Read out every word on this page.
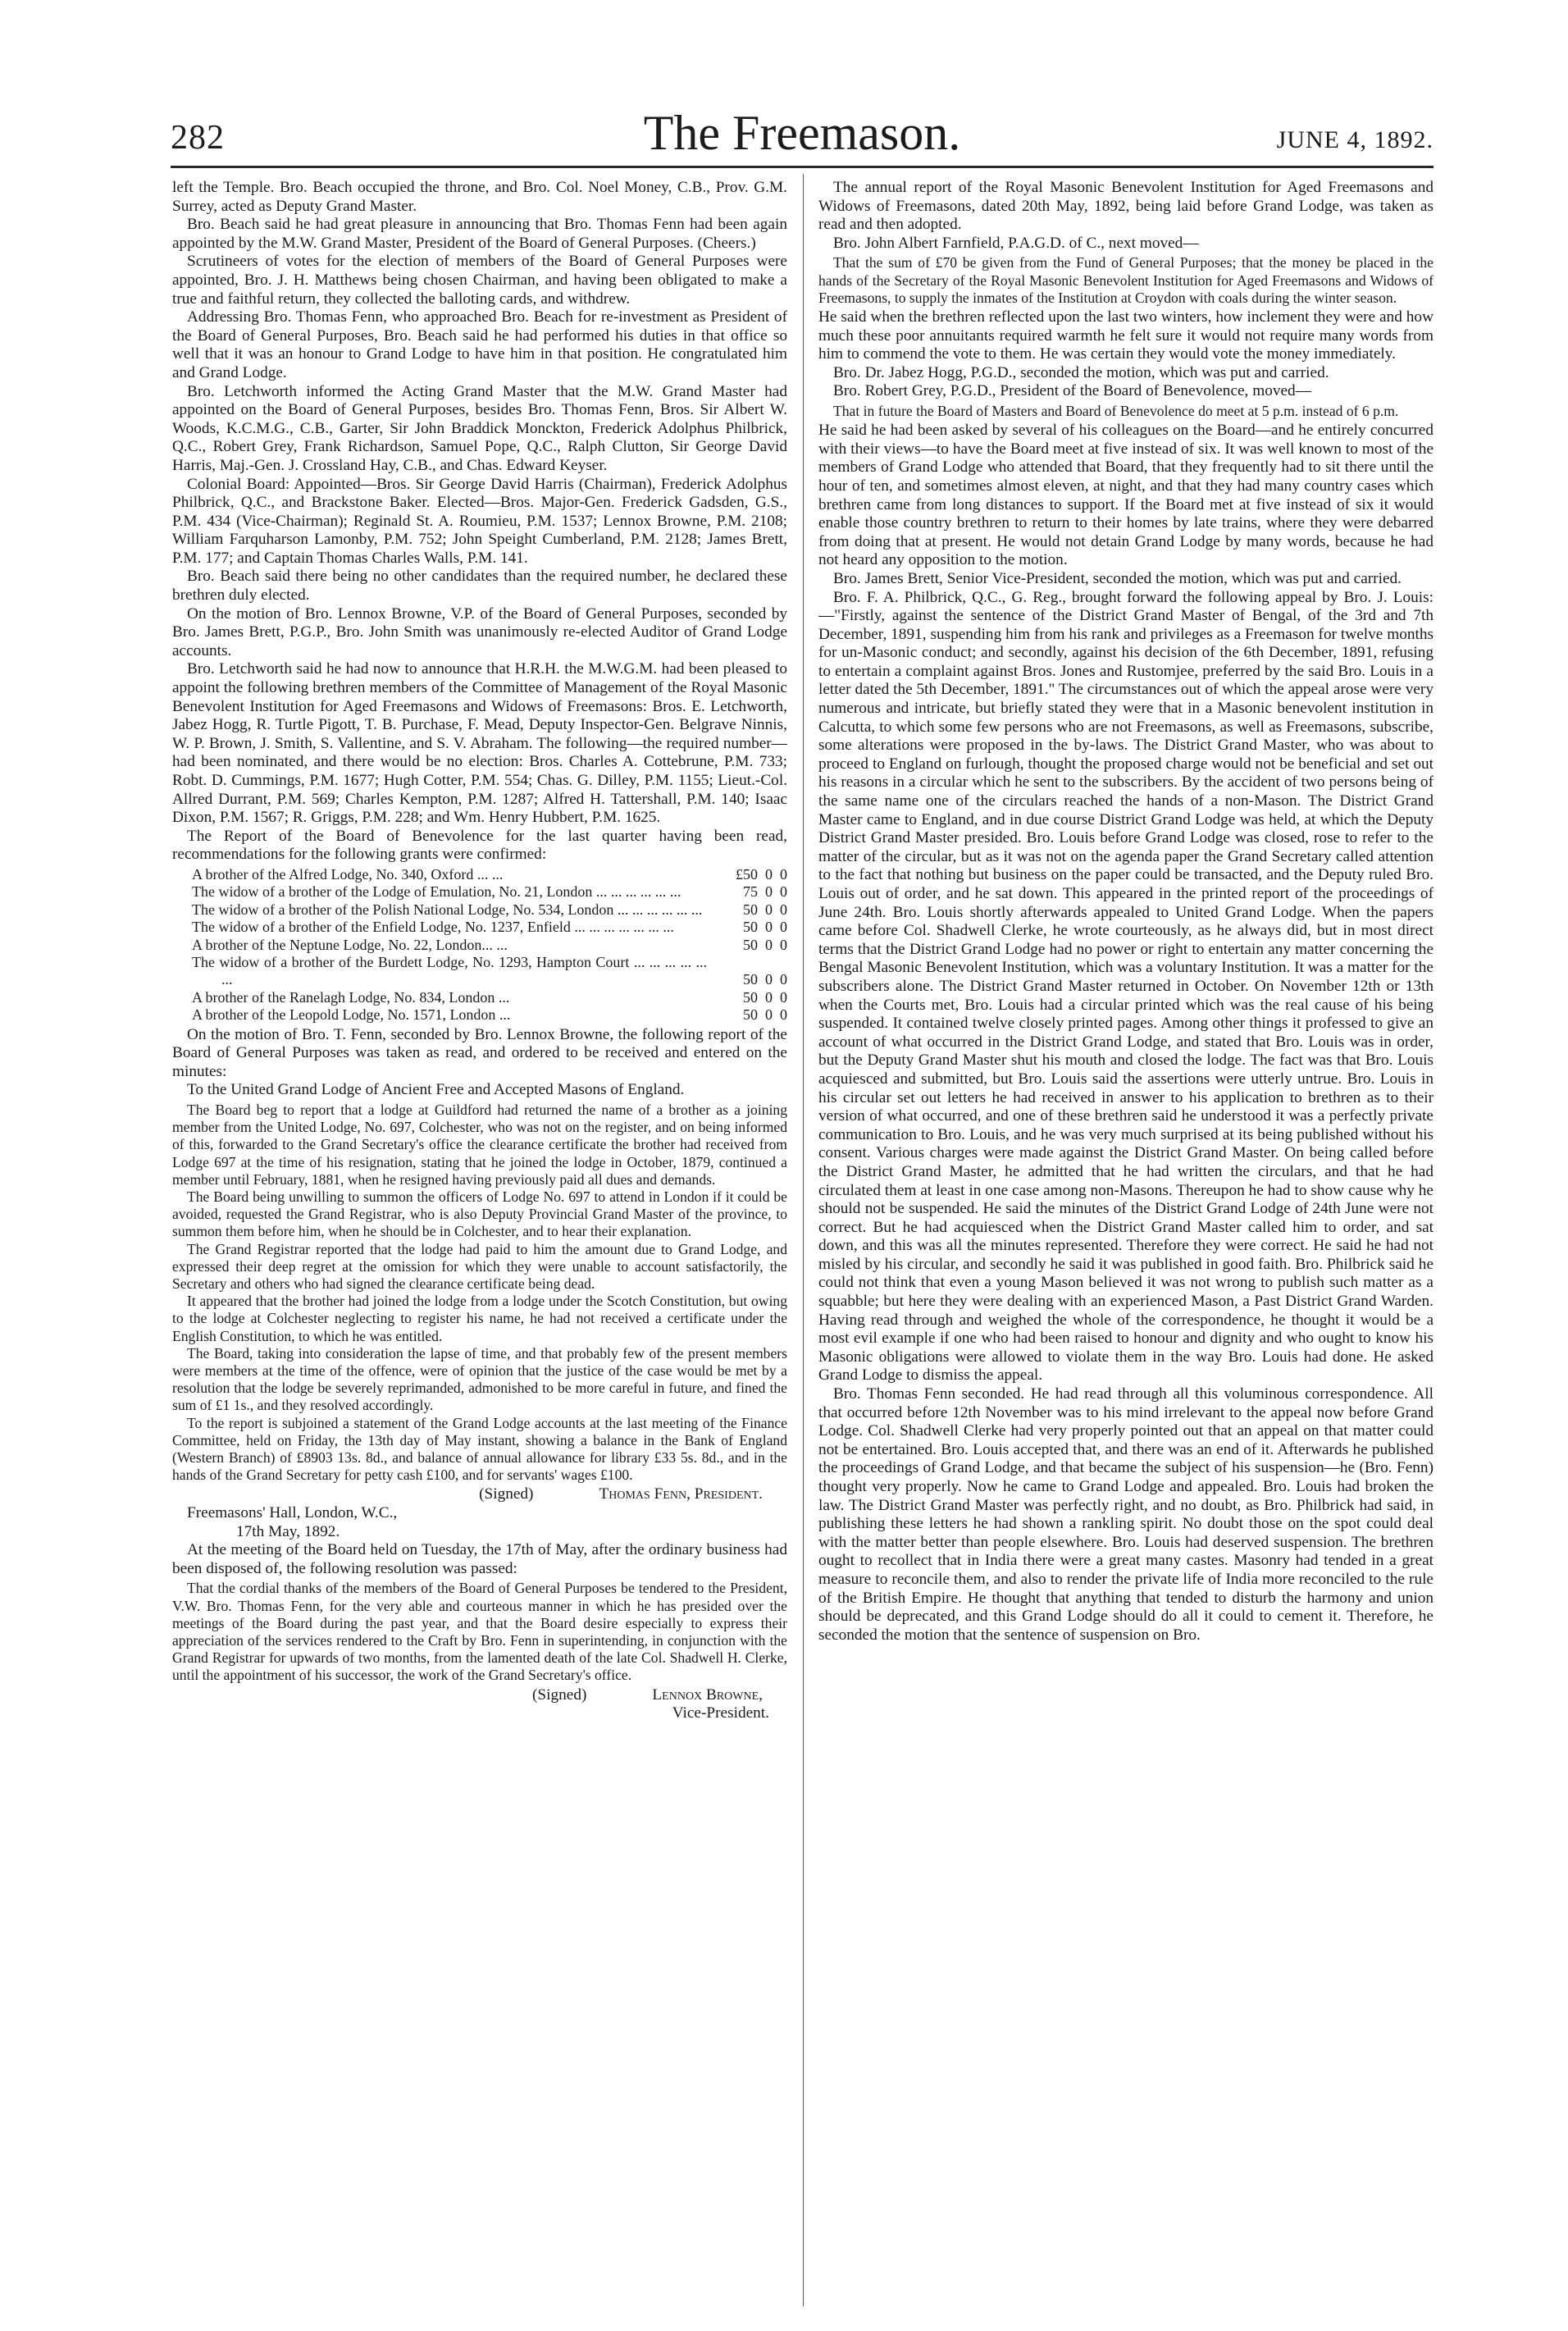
282	The Freemason.	JUNE 4, 1892.

left the Temple. Bro. Beach occupied the throne, and Bro. Col. Noel Money, C.B., Prov. G.M. Surrey, acted as Deputy Grand Master.

Bro. Beach said he had great pleasure in announcing that Bro. Thomas Fenn had been again appointed by the M.W. Grand Master, President of the Board of General Purposes. (Cheers.)

Scrutineers of votes for the election of members of the Board of General Purposes were appointed, Bro. J. H. Matthews being chosen Chairman, and having been obligated to make a true and faithful return, they collected the balloting cards, and withdrew.

Addressing Bro. Thomas Fenn, who approached Bro. Beach for re-investment as President of the Board of General Purposes, Bro. Beach said he had performed his duties in that office so well that it was an honour to Grand Lodge to have him in that position. He congratulated him and Grand Lodge.

Bro. Letchworth informed the Acting Grand Master that the M.W. Grand Master had appointed on the Board of General Purposes, besides Bro. Thomas Fenn, Bros. Sir Albert W. Woods, K.C.M.G., C.B., Garter, Sir John Braddick Monckton, Frederick Adolphus Philbrick, Q.C., Robert Grey, Frank Richardson, Samuel Pope, Q.C., Ralph Clutton, Sir George David Harris, Maj.-Gen. J. Crossland Hay, C.B., and Chas. Edward Keyser.

Colonial Board: Appointed—Bros. Sir George David Harris (Chairman), Frederick Adolphus Philbrick, Q.C., and Brackstone Baker. Elected—Bros. Major-Gen. Frederick Gadsden, G.S., P.M. 434 (Vice-Chairman); Reginald St. A. Roumieu, P.M. 1537; Lennox Browne, P.M. 2108; William Farquharson Lamonby, P.M. 752; John Speight Cumberland, P.M. 2128; James Brett, P.M. 177; and Captain Thomas Charles Walls, P.M. 141.

Bro. Beach said there being no other candidates than the required number, he declared these brethren duly elected.

On the motion of Bro. Lennox Browne, V.P. of the Board of General Purposes, seconded by Bro. James Brett, P.G.P., Bro. John Smith was unanimously re-elected Auditor of Grand Lodge accounts.

Bro. Letchworth said he had now to announce that H.R.H. the M.W.G.M. had been pleased to appoint the following brethren members of the Committee of Management of the Royal Masonic Benevolent Institution for Aged Freemasons and Widows of Freemasons: Bros. E. Letchworth, Jabez Hogg, R. Turtle Pigott, T. B. Purchase, F. Mead, Deputy Inspector-Gen. Belgrave Ninnis, W. P. Brown, J. Smith, S. Vallentine, and S. V. Abraham. The following—the required number—had been nominated, and there would be no election: Bros. Charles A. Cottebrune, P.M. 733; Robt. D. Cummings, P.M. 1677; Hugh Cotter, P.M. 554; Chas. G. Dilley, P.M. 1155; Lieut.-Col. Allred Durrant, P.M. 569; Charles Kempton, P.M. 1287; Alfred H. Tattershall, P.M. 140; Isaac Dixon, P.M. 1567; R. Griggs, P.M. 228; and Wm. Henry Hubbert, P.M. 1625.

The Report of the Board of Benevolence for the last quarter having been read, recommendations for the following grants were confirmed:

A brother of the Alfred Lodge, No. 340, Oxford ... ...	£50  0  0
The widow of a brother of the Lodge of Emulation, No. 21, London ... ... ... ... ... ...	75  0  0
The widow of a brother of the Polish National Lodge, No. 534, London ... ... ... ... ... ...	50  0  0
The widow of a brother of the Enfield Lodge, No. 1237, Enfield ... ... ... ... ... ... ...	50  0  0
A brother of the Neptune Lodge, No. 22, London... ...	50  0  0
The widow of a brother of the Burdett Lodge, No. 1293, Hampton Court ... ... ... ... ... ...	50  0  0
A brother of the Ranelagh Lodge, No. 834, London ...	50  0  0
A brother of the Leopold Lodge, No. 1571, London ...	50  0  0

On the motion of Bro. T. Fenn, seconded by Bro. Lennox Browne, the following report of the Board of General Purposes was taken as read, and ordered to be received and entered on the minutes:

To the United Grand Lodge of Ancient Free and Accepted Masons of England.

The Board beg to report that a lodge at Guildford had returned the name of a brother as a joining member from the United Lodge, No. 697, Colchester, who was not on the register, and on being informed of this, forwarded to the Grand Secretary's office the clearance certificate the brother had received from Lodge 697 at the time of his resignation, stating that he joined the lodge in October, 1879, continued a member until February, 1881, when he resigned having previously paid all dues and demands.

The Board being unwilling to summon the officers of Lodge No. 697 to attend in London if it could be avoided, requested the Grand Registrar, who is also Deputy Provincial Grand Master of the province, to summon them before him, when he should be in Colchester, and to hear their explanation.

The Grand Registrar reported that the lodge had paid to him the amount due to Grand Lodge, and expressed their deep regret at the omission for which they were unable to account satisfactorily, the Secretary and others who had signed the clearance certificate being dead.

It appeared that the brother had joined the lodge from a lodge under the Scotch Constitution, but owing to the lodge at Colchester neglecting to register his name, he had not received a certificate under the English Constitution, to which he was entitled.

The Board, taking into consideration the lapse of time, and that probably few of the present members were members at the time of the offence, were of opinion that the justice of the case would be met by a resolution that the lodge be severely reprimanded, admonished to be more careful in future, and fined the sum of £1 1s., and they resolved accordingly.

To the report is subjoined a statement of the Grand Lodge accounts at the last meeting of the Finance Committee, held on Friday, the 13th day of May instant, showing a balance in the Bank of England (Western Branch) of £8903 13s. 8d., and balance of annual allowance for library £33 5s. 8d., and in the hands of the Grand Secretary for petty cash £100, and for servants' wages £100.

(Signed)	Thomas Fenn, President.

Freemasons' Hall, London, W.C.,

17th May, 1892.

At the meeting of the Board held on Tuesday, the 17th of May, after the ordinary business had been disposed of, the following resolution was passed:

That the cordial thanks of the members of the Board of General Purposes be tendered to the President, V.W. Bro. Thomas Fenn, for the very able and courteous manner in which he has presided over the meetings of the Board during the past year, and that the Board desire especially to express their appreciation of the services rendered to the Craft by Bro. Fenn in superintending, in conjunction with the Grand Registrar for upwards of two months, from the lamented death of the late Col. Shadwell H. Clerke, until the appointment of his successor, the work of the Grand Secretary's office.

(Signed)	Lennox Browne,
Vice-President.

The annual report of the Royal Masonic Benevolent Institution for Aged Freemasons and Widows of Freemasons, dated 20th May, 1892, being laid before Grand Lodge, was taken as read and then adopted.

Bro. John Albert Farnfield, P.A.G.D. of C., next moved—

That the sum of £70 be given from the Fund of General Purposes; that the money be placed in the hands of the Secretary of the Royal Masonic Benevolent Institution for Aged Freemasons and Widows of Freemasons, to supply the inmates of the Institution at Croydon with coals during the winter season.

He said when the brethren reflected upon the last two winters, how inclement they were and how much these poor annuitants required warmth he felt sure it would not require many words from him to commend the vote to them. He was certain they would vote the money immediately.

Bro. Dr. Jabez Hogg, P.G.D., seconded the motion, which was put and carried.

Bro. Robert Grey, P.G.D., President of the Board of Benevolence, moved—

That in future the Board of Masters and Board of Benevolence do meet at 5 p.m. instead of 6 p.m.

He said he had been asked by several of his colleagues on the Board—and he entirely concurred with their views—to have the Board meet at five instead of six. It was well known to most of the members of Grand Lodge who attended that Board, that they frequently had to sit there until the hour of ten, and sometimes almost eleven, at night, and that they had many country cases which brethren came from long distances to support. If the Board met at five instead of six it would enable those country brethren to return to their homes by late trains, where they were debarred from doing that at present. He would not detain Grand Lodge by many words, because he had not heard any opposition to the motion.

Bro. James Brett, Senior Vice-President, seconded the motion, which was put and carried.

Bro. F. A. Philbrick, Q.C., G. Reg., brought forward the following appeal by Bro. J. Louis:—"Firstly, against the sentence of the District Grand Master of Bengal, of the 3rd and 7th December, 1891, suspending him from his rank and privileges as a Freemason for twelve months for un-Masonic conduct; and secondly, against his decision of the 6th December, 1891, refusing to entertain a complaint against Bros. Jones and Rustomjee, preferred by the said Bro. Louis in a letter dated the 5th December, 1891." The circumstances out of which the appeal arose were very numerous and intricate, but briefly stated they were that in a Masonic benevolent institution in Calcutta, to which some few persons who are not Freemasons, as well as Freemasons, subscribe, some alterations were proposed in the by-laws. The District Grand Master, who was about to proceed to England on furlough, thought the proposed charge would not be beneficial and set out his reasons in a circular which he sent to the subscribers. By the accident of two persons being of the same name one of the circulars reached the hands of a non-Mason. The District Grand Master came to England, and in due course District Grand Lodge was held, at which the Deputy District Grand Master presided. Bro. Louis before Grand Lodge was closed, rose to refer to the matter of the circular, but as it was not on the agenda paper the Grand Secretary called attention to the fact that nothing but business on the paper could be transacted, and the Deputy ruled Bro. Louis out of order, and he sat down. This appeared in the printed report of the proceedings of June 24th. Bro. Louis shortly afterwards appealed to United Grand Lodge. When the papers came before Col. Shadwell Clerke, he wrote courteously, as he always did, but in most direct terms that the District Grand Lodge had no power or right to entertain any matter concerning the Bengal Masonic Benevolent Institution, which was a voluntary Institution. It was a matter for the subscribers alone. The District Grand Master returned in October. On November 12th or 13th when the Courts met, Bro. Louis had a circular printed which was the real cause of his being suspended. It contained twelve closely printed pages. Among other things it professed to give an account of what occurred in the District Grand Lodge, and stated that Bro. Louis was in order, but the Deputy Grand Master shut his mouth and closed the lodge. The fact was that Bro. Louis acquiesced and submitted, but Bro. Louis said the assertions were utterly untrue. Bro. Louis in his circular set out letters he had received in answer to his application to brethren as to their version of what occurred, and one of these brethren said he understood it was a perfectly private communication to Bro. Louis, and he was very much surprised at its being published without his consent. Various charges were made against the District Grand Master. On being called before the District Grand Master, he admitted that he had written the circulars, and that he had circulated them at least in one case among non-Masons. Thereupon he had to show cause why he should not be suspended. He said the minutes of the District Grand Lodge of 24th June were not correct. But he had acquiesced when the District Grand Master called him to order, and sat down, and this was all the minutes represented. Therefore they were correct. He said he had not misled by his circular, and secondly he said it was published in good faith. Bro. Philbrick said he could not think that even a young Mason believed it was not wrong to publish such matter as a squabble; but here they were dealing with an experienced Mason, a Past District Grand Warden. Having read through and weighed the whole of the correspondence, he thought it would be a most evil example if one who had been raised to honour and dignity and who ought to know his Masonic obligations were allowed to violate them in the way Bro. Louis had done. He asked Grand Lodge to dismiss the appeal.

Bro. Thomas Fenn seconded. He had read through all this voluminous correspondence. All that occurred before 12th November was to his mind irrelevant to the appeal now before Grand Lodge. Col. Shadwell Clerke had very properly pointed out that an appeal on that matter could not be entertained. Bro. Louis accepted that, and there was an end of it. Afterwards he published the proceedings of Grand Lodge, and that became the subject of his suspension—he (Bro. Fenn) thought very properly. Now he came to Grand Lodge and appealed. Bro. Louis had broken the law. The District Grand Master was perfectly right, and no doubt, as Bro. Philbrick had said, in publishing these letters he had shown a rankling spirit. No doubt those on the spot could deal with the matter better than people elsewhere. Bro. Louis had deserved suspension. The brethren ought to recollect that in India there were a great many castes. Masonry had tended in a great measure to reconcile them, and also to render the private life of India more reconciled to the rule of the British Empire. He thought that anything that tended to disturb the harmony and union should be deprecated, and this Grand Lodge should do all it could to cement it. Therefore, he seconded the motion that the sentence of suspension on Bro.
